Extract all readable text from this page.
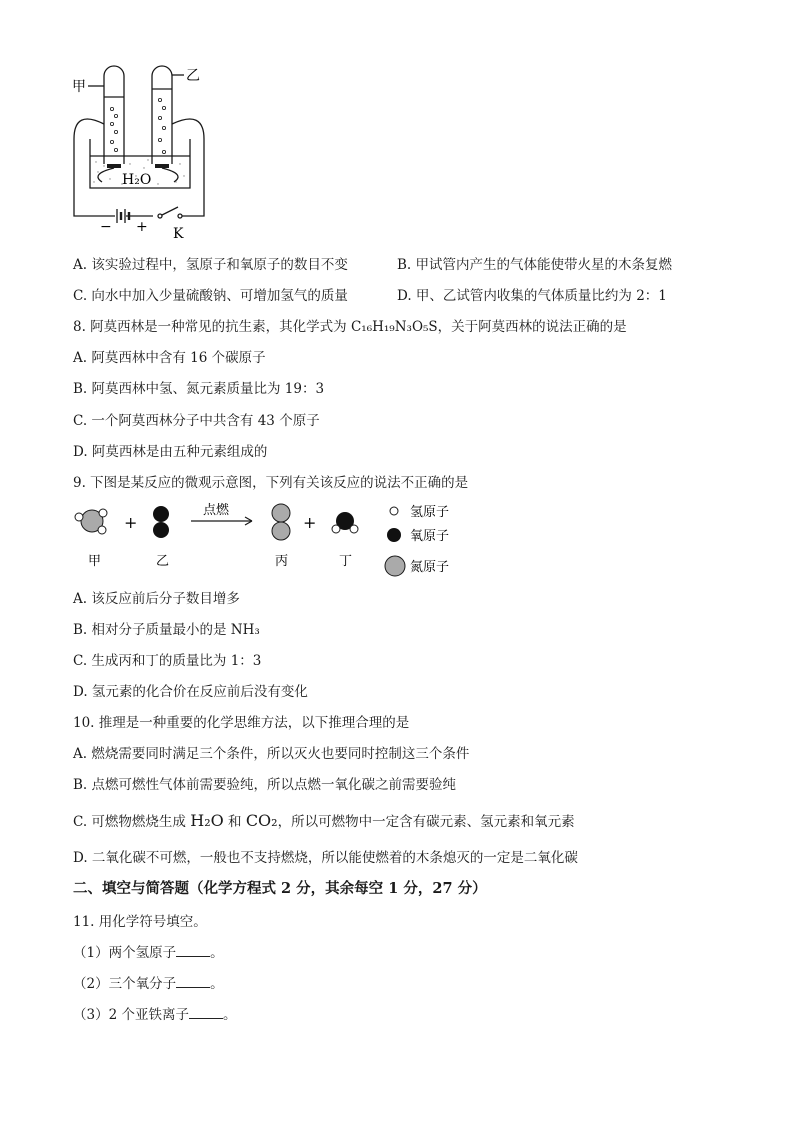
甲
乙
H₂O
− + K
A. 该实验过程中，氢原子和氧原子的数目不变	B. 甲试管内产生的气体能使带火星的木条复燃
C. 向水中加入少量硫酸钠、可增加氢气的质量	D. 甲、乙试管内收集的气体质量比约为 2：1
8. 阿莫西林是一种常见的抗生素，其化学式为 C₁₆H₁₉N₃O₅S，关于阿莫西林的说法正确的是
A. 阿莫西林中含有 16 个碳原子
B. 阿莫西林中氢、氮元素质量比为 19：3
C. 一个阿莫西林分子中共含有 43 个原子
D. 阿莫西林是由五种元素组成的
9. 下图是某反应的微观示意图，下列有关该反应的说法不正确的是
+
点燃
+
甲	乙	丙	丁
氢原子
氧原子
氮原子
A. 该反应前后分子数目增多
B. 相对分子质量最小的是 NH₃
C. 生成丙和丁的质量比为 1：3
D. 氢元素的化合价在反应前后没有变化
10. 推理是一种重要的化学思维方法，以下推理合理的是
A. 燃烧需要同时满足三个条件，所以灭火也要同时控制这三个条件
B. 点燃可燃性气体前需要验纯，所以点燃一氧化碳之前需要验纯
C. 可燃物燃烧生成 H₂O 和 CO₂，所以可燃物中一定含有碳元素、氢元素和氧元素
D. 二氧化碳不可燃，一般也不支持燃烧，所以能使燃着的木条熄灭的一定是二氧化碳
二、填空与简答题（化学方程式 2 分，其余每空 1 分，27 分）
11. 用化学符号填空。
（1）两个氢原子	。
（2）三个氧分子	。
（3）2 个亚铁离子	。
